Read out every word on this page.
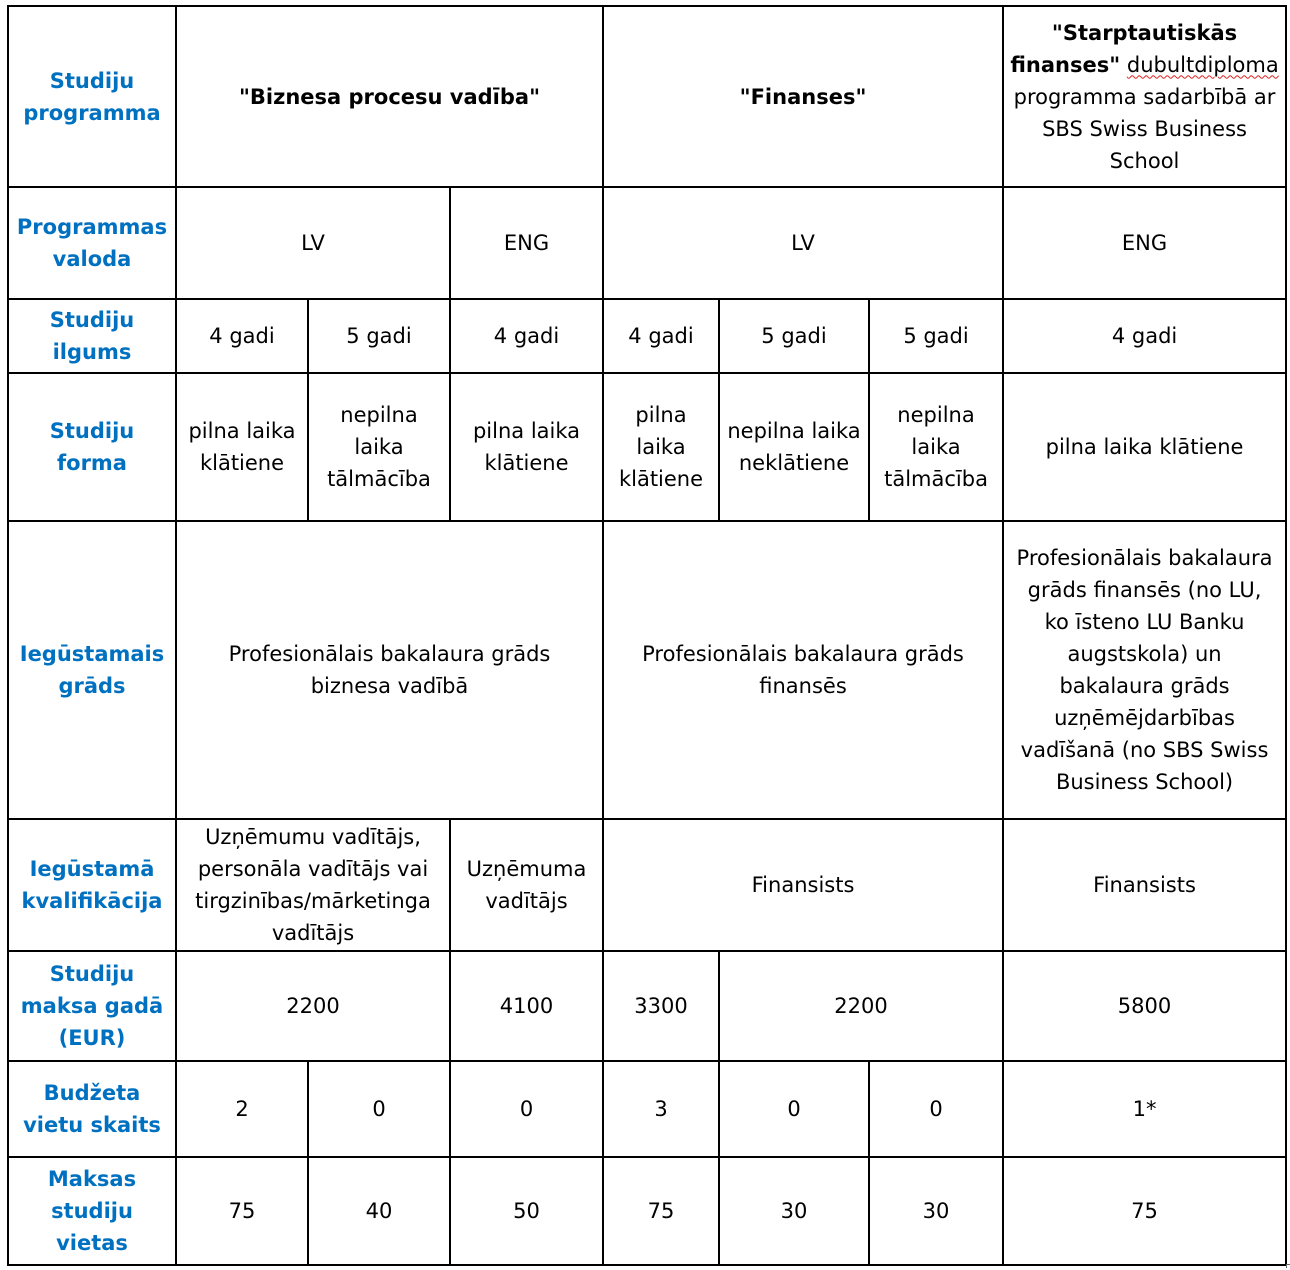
Studiju programma	"Biznesa procesu vadība"			"Finanses"			"Starptautiskās finanses" dubultdiploma programma sadarbībā ar SBS Swiss Business School
Programmas valoda	LV		ENG	LV			ENG
Studiju ilgums	4 gadi	5 gadi	4 gadi	4 gadi	5 gadi	5 gadi	4 gadi
Studiju forma	pilna laika klātiene	nepilna laika tālmācība	pilna laika klātiene	pilna laika klātiene	nepilna laika neklātiene	nepilna laika tālmācība	pilna laika klātiene
Iegūstamais grāds	Profesionālais bakalaura grāds biznesa vadībā			Profesionālais bakalaura grāds finansēs			Profesionālais bakalaura grāds finansēs (no LU, ko īsteno LU Banku augstskola) un bakalaura grāds uzņēmējdarbības vadīšanā (no SBS Swiss Business School)
Iegūstamā kvalifikācija	Uzņēmumu vadītājs, personāla vadītājs vai tirgzinības/mārketinga vadītājs		Uzņēmuma vadītājs	Finansists			Finansists
Studiju maksa gadā (EUR)	2200		4100	3300	2200		5800
Budžeta vietu skaits	2	0	0	3	0	0	1*
Maksas studiju vietas	75	40	50	75	30	30	75
